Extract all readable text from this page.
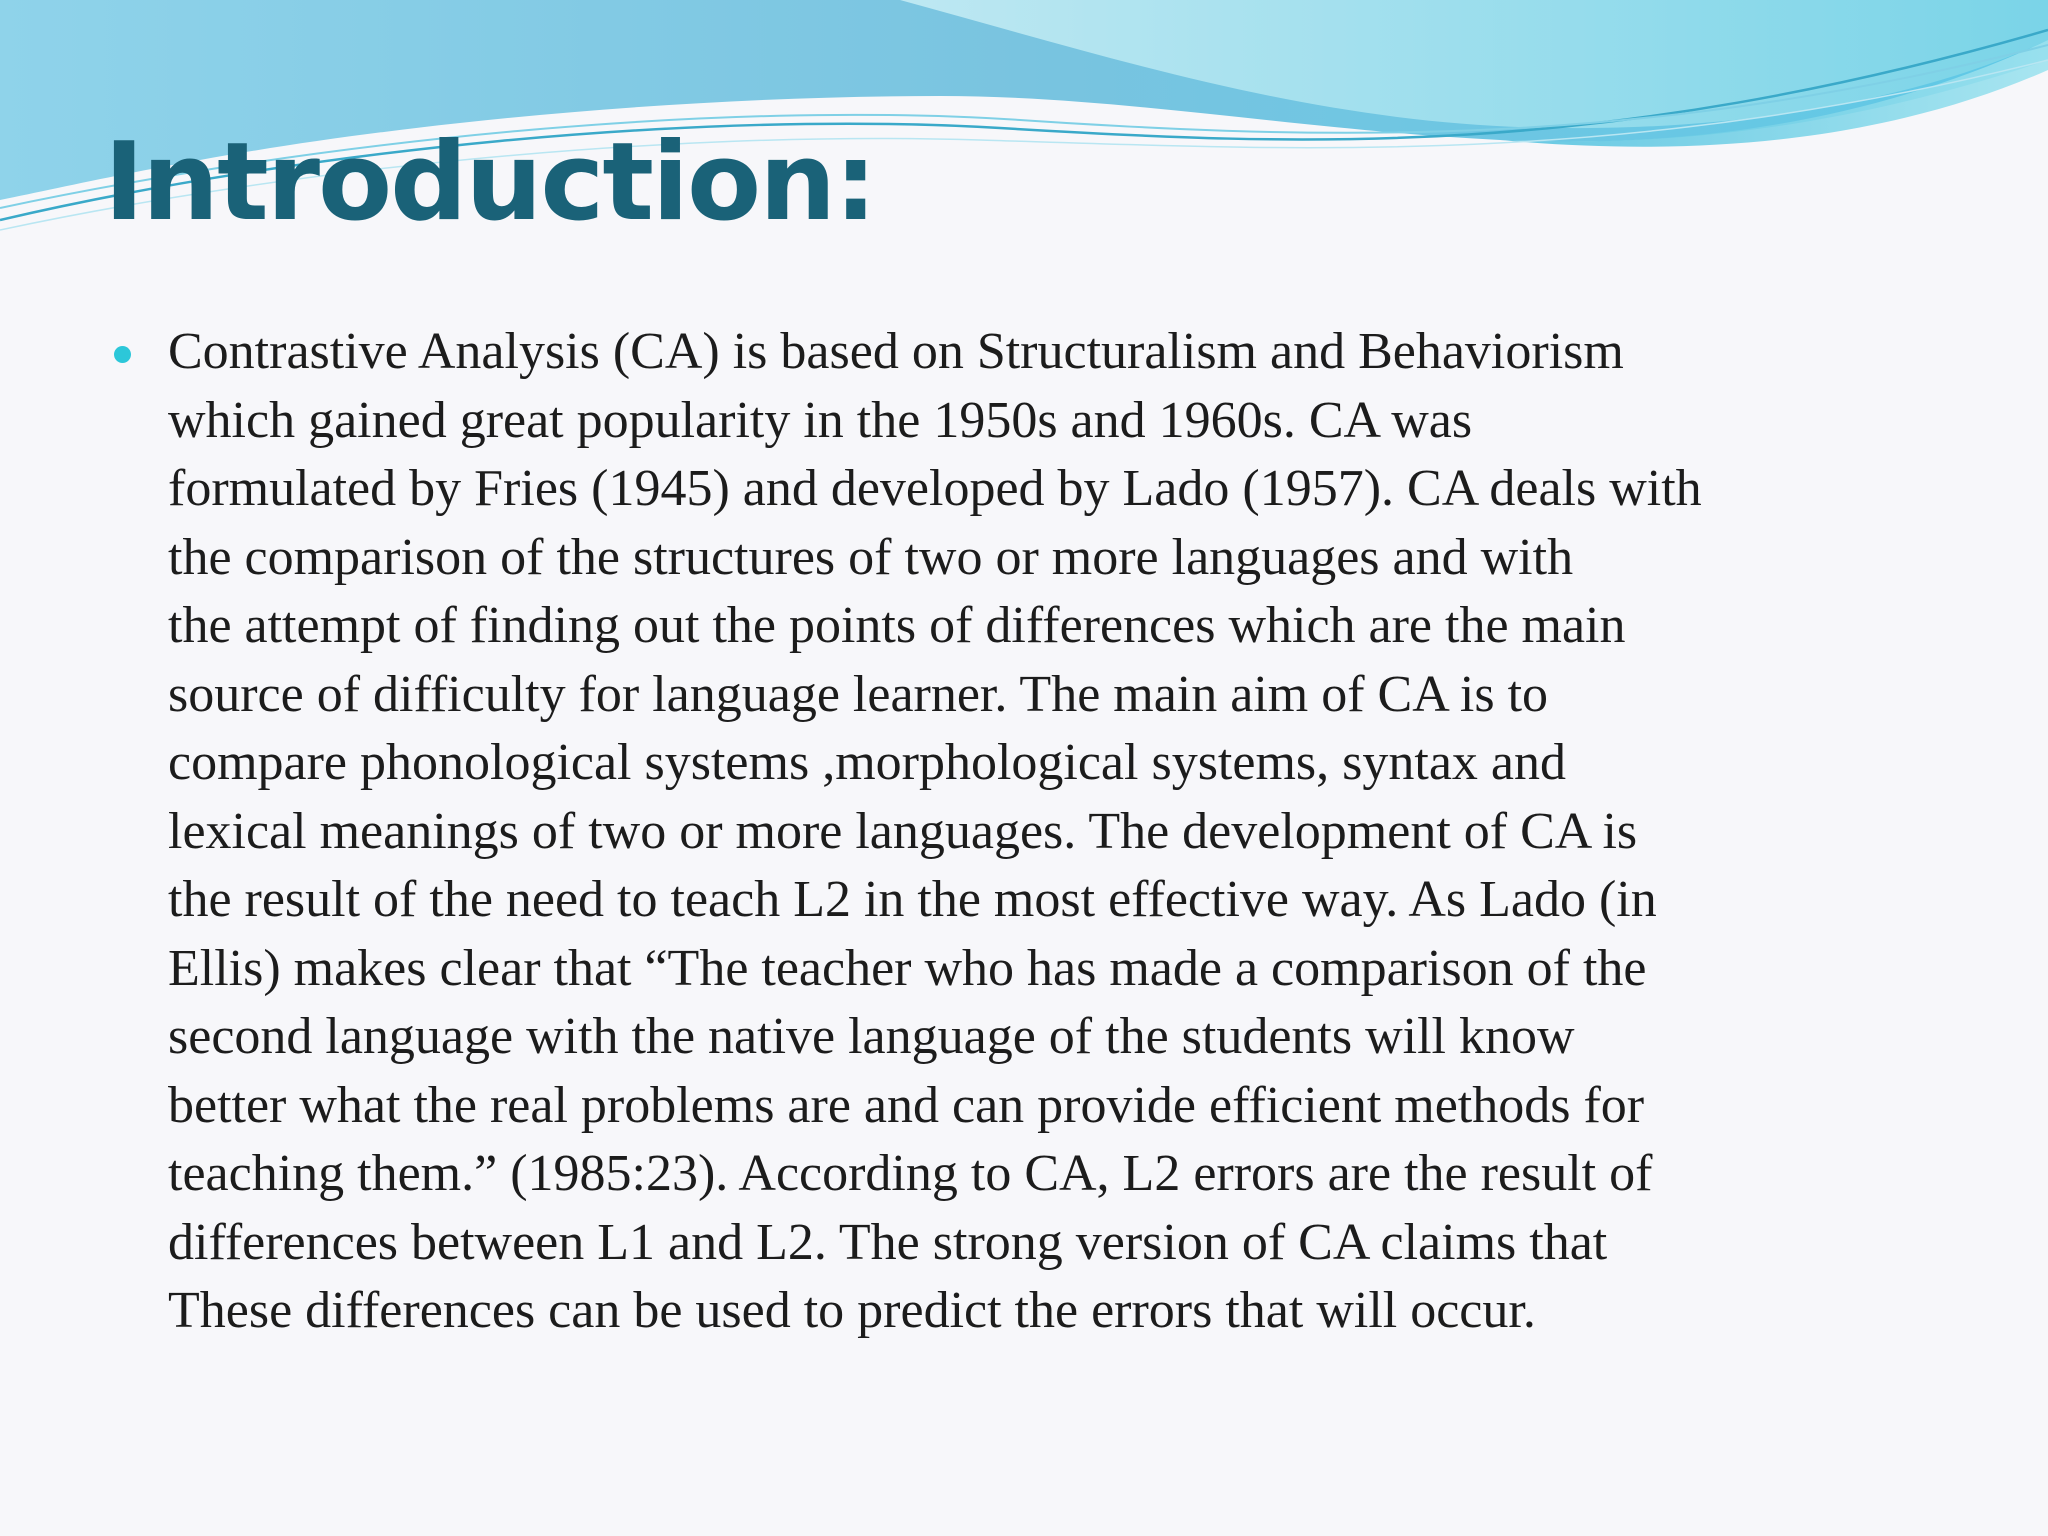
Introduction:
Contrastive Analysis (CA) is based on Structuralism and Behaviorism
which gained great popularity in the 1950s and 1960s. CA was
formulated by Fries (1945) and developed by Lado (1957). CA deals with
the comparison of the structures of two or more languages and with
the attempt of finding out the points of differences which are the main
source of difficulty for language learner. The main aim of CA is to
compare phonological systems ,morphological systems, syntax and
lexical meanings of two or more languages. The development of CA is
the result of the need to teach L2 in the most effective way. As Lado (in
Ellis) makes clear that “The teacher who has made a comparison of the
second language with the native language of the students will know
better what the real problems are and can provide efficient methods for
teaching them.” (1985:23). According to CA, L2 errors are the result of
differences between L1 and L2. The strong version of CA claims that
These differences can be used to predict the errors that will occur.
